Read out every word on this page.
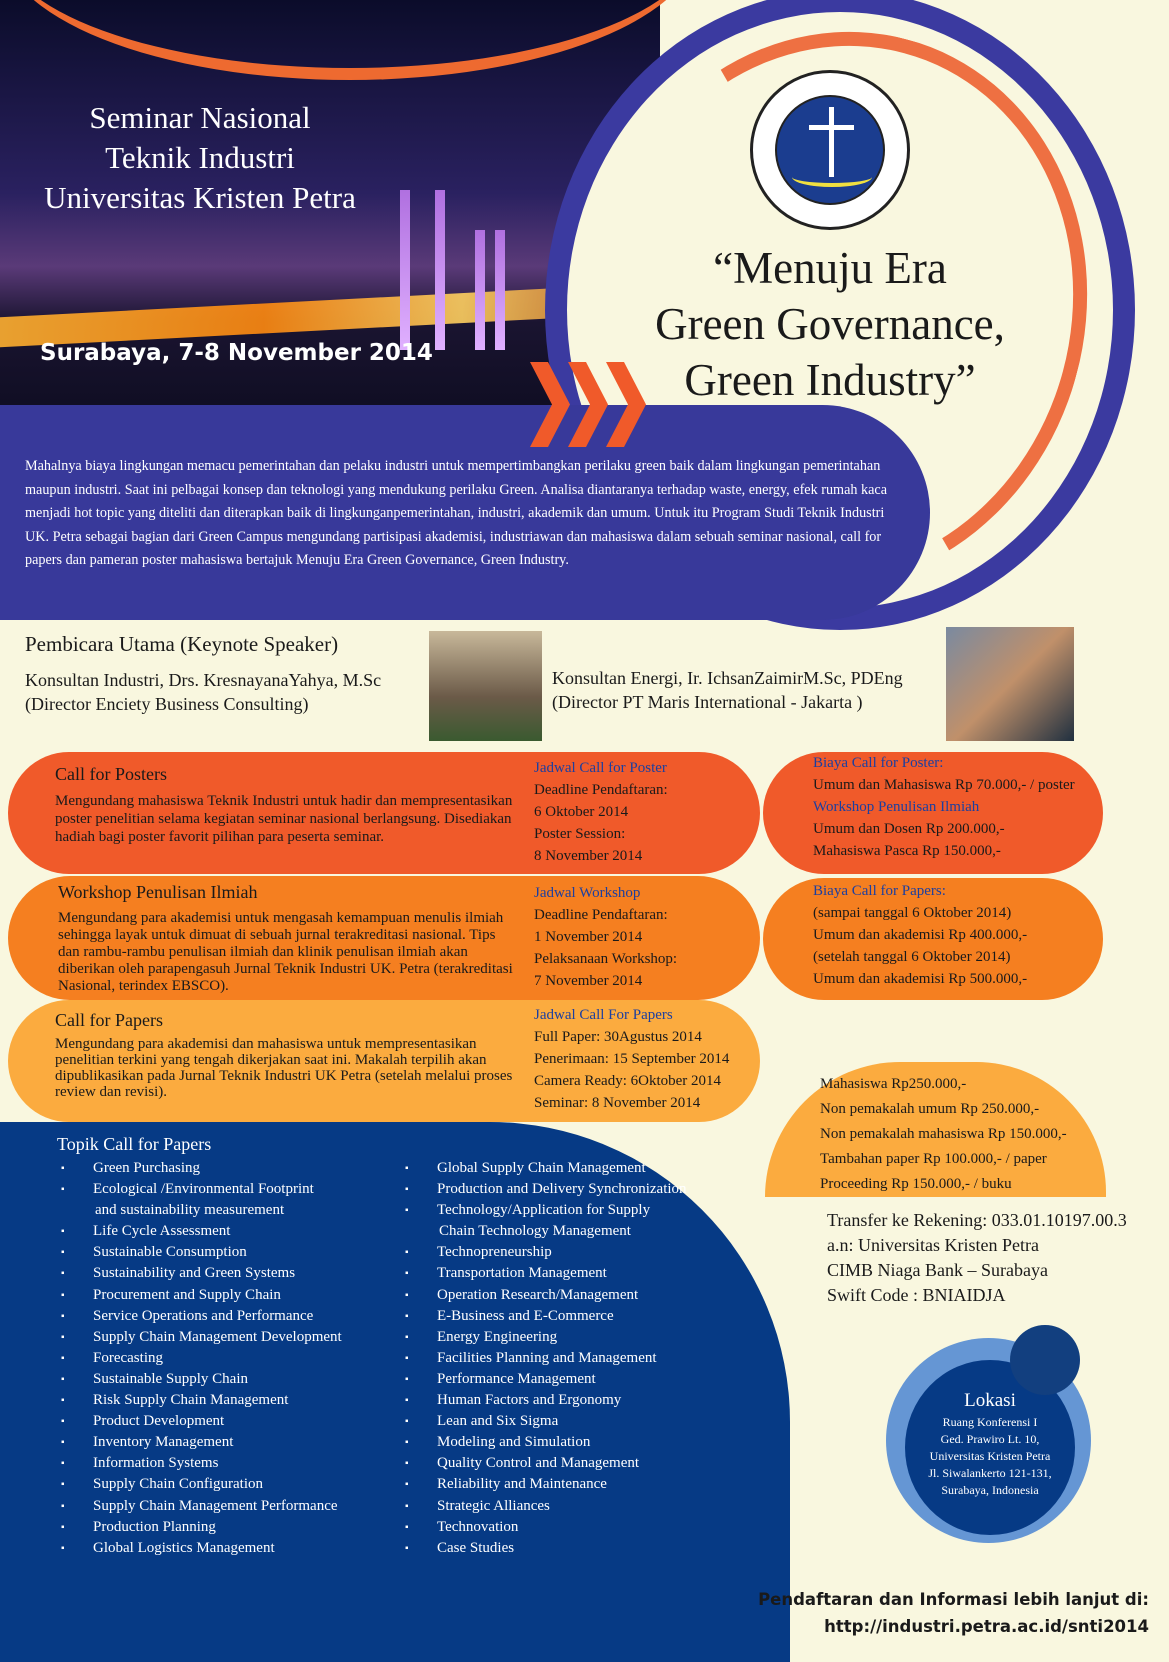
Seminar Nasional
Teknik Industri
Universitas Kristen Petra
Surabaya, 7-8 November 2014

Mahalnya biaya lingkungan memacu pemerintahan dan pelaku industri untuk mempertimbangkan perilaku green baik dalam lingkungan pemerintahan maupun industri. Saat ini pelbagai konsep dan teknologi yang mendukung perilaku Green. Analisa diantaranya terhadap waste, energy, efek rumah kaca menjadi hot topic yang diteliti dan diterapkan baik di lingkunganpemerintahan, industri, akademik dan umum. Untuk itu Program Studi Teknik Industri UK. Petra sebagai bagian dari Green Campus mengundang partisipasi akademisi, industriawan dan mahasiswa dalam sebuah seminar nasional, call for papers dan pameran poster mahasiswa bertajuk Menuju Era Green Governance, Green Industry.

“Menuju Era
Green Governance,
Green Industry”
Pembicara Utama (Keynote Speaker)
Konsultan Industri, Drs. KresnayanaYahya, M.Sc
(Director Enciety Business Consulting)
Konsultan Energi, Ir. IchsanZaimirM.Sc, PDEng
(Director PT Maris International - Jakarta )
Call for Posters
Mengundang mahasiswa Teknik Industri untuk hadir dan mempresentasikan poster penelitian selama kegiatan seminar nasional berlangsung. Disediakan hadiah bagi poster favorit pilihan para peserta seminar.
Jadwal Call for Poster
Deadline Pendaftaran:
6 Oktober 2014
Poster Session:
8 November 2014
Workshop Penulisan Ilmiah
Mengundang para akademisi untuk mengasah kemampuan menulis ilmiah sehingga layak untuk dimuat di sebuah jurnal terakreditasi nasional. Tips dan rambu-rambu penulisan ilmiah dan klinik penulisan ilmiah akan diberikan oleh parapengasuh Jurnal Teknik Industri UK. Petra (terakreditasi Nasional, terindex EBSCO).
Jadwal Workshop
Deadline Pendaftaran:
1 November 2014
Pelaksanaan Workshop:
7 November 2014
Call for Papers
Mengundang para akademisi dan mahasiswa untuk mempresentasikan penelitian terkini yang tengah dikerjakan saat ini. Makalah terpilih akan dipublikasikan pada Jurnal Teknik Industri UK Petra (setelah melalui proses review dan revisi).
Jadwal Call For Papers
Full Paper: 30Agustus 2014
Penerimaan: 15 September 2014
Camera Ready: 6Oktober 2014
Seminar: 8 November 2014
Biaya Call for Poster:
Umum dan Mahasiswa Rp 70.000,- / poster
Workshop Penulisan Ilmiah
Umum dan Dosen Rp 200.000,-
Mahasiswa Pasca Rp 150.000,-
Biaya Call for Papers:
(sampai tanggal 6 Oktober 2014)
Umum dan akademisi Rp 400.000,-
(setelah tanggal 6 Oktober 2014)
Umum dan akademisi Rp 500.000,-
Mahasiswa Rp250.000,-
Non pemakalah umum Rp 250.000,-
Non pemakalah mahasiswa Rp 150.000,-
Tambahan paper Rp 100.000,- / paper
Proceeding Rp 150.000,- / buku
Transfer ke Rekening: 033.01.10197.00.3
a.n: Universitas Kristen Petra
CIMB Niaga Bank – Surabaya
Swift Code : BNIAIDJA
Topik Call for Papers
▪ Green Purchasing
▪ Ecological /Environmental Footprint
and sustainability measurement
▪ Life Cycle Assessment
▪ Sustainable Consumption
▪ Sustainability and Green Systems
▪ Procurement and Supply Chain
▪ Service Operations and Performance
▪ Supply Chain Management Development
▪ Forecasting
▪ Sustainable Supply Chain
▪ Risk Supply Chain Management
▪ Product Development
▪ Inventory Management
▪ Information Systems
▪ Supply Chain Configuration
▪ Supply Chain Management Performance
▪ Production Planning
▪ Global Logistics Management
▪ Global Supply Chain Management
▪ Production and Delivery Synchronization
▪ Technology/Application for Supply
Chain Technology Management
▪ Technopreneurship
▪ Transportation Management
▪ Operation Research/Management
▪ E-Business and E-Commerce
▪ Energy Engineering
▪ Facilities Planning and Management
▪ Performance Management
▪ Human Factors and Ergonomy
▪ Lean and Six Sigma
▪ Modeling and Simulation
▪ Quality Control and Management
▪ Reliability and Maintenance
▪ Strategic Alliances
▪ Technovation
▪ Case Studies
Lokasi
Ruang Konferensi I
Ged. Prawiro Lt. 10,
Universitas Kristen Petra
Jl. Siwalankerto 121-131,
Surabaya, Indonesia
Pendaftaran dan Informasi lebih lanjut di:
http://industri.petra.ac.id/snti2014
